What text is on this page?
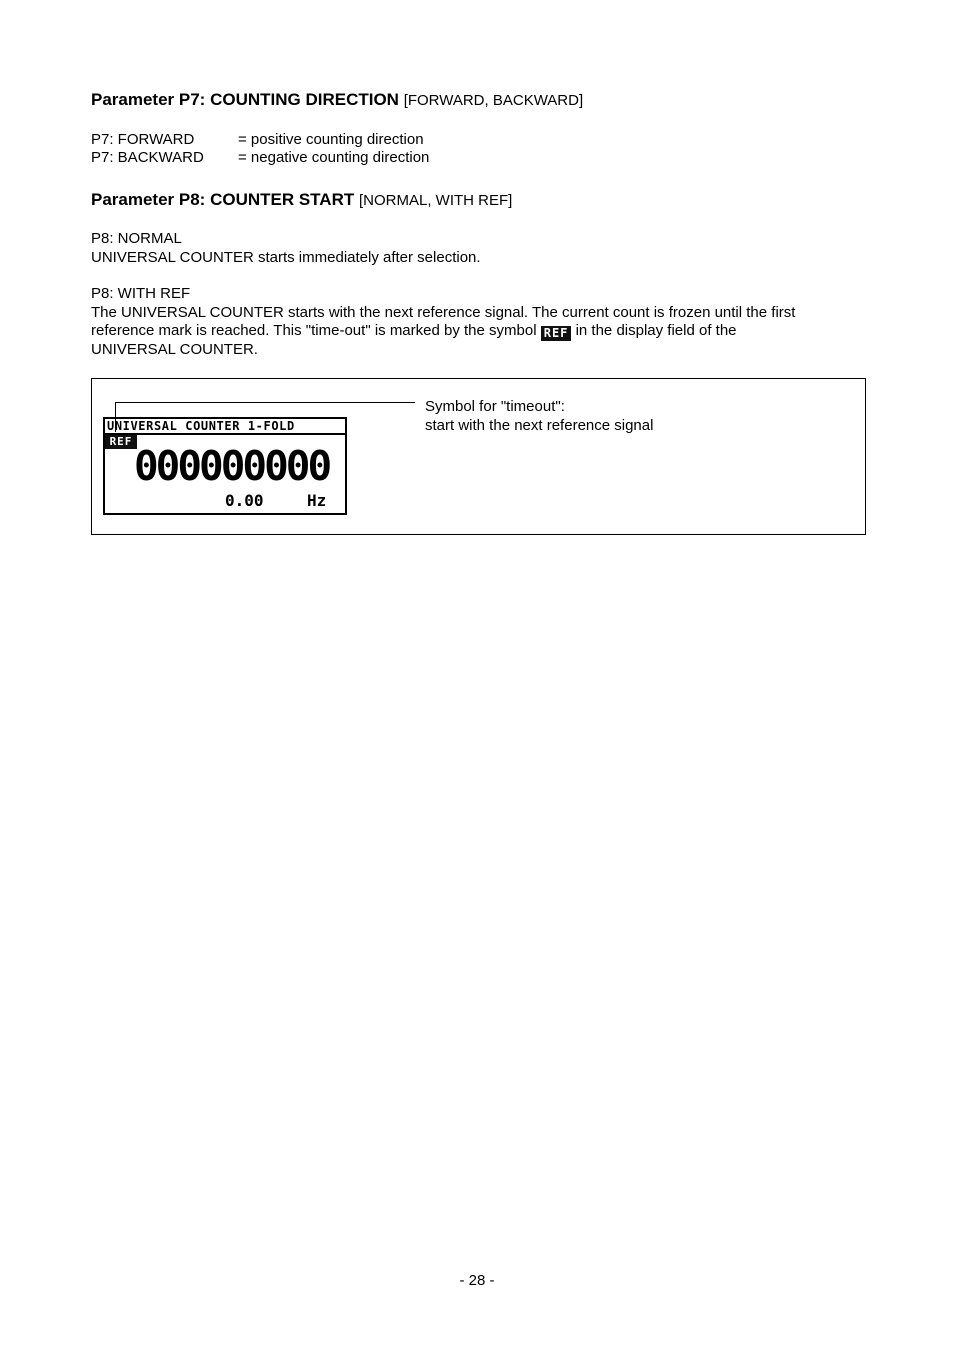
Parameter P7: COUNTING DIRECTION [FORWARD, BACKWARD]
P7: FORWARD	= positive counting direction
P7: BACKWARD = negative counting direction
Parameter P8: COUNTER START [NORMAL, WITH REF]
P8: NORMAL
UNIVERSAL COUNTER starts immediately after selection.
P8: WITH REF
The UNIVERSAL COUNTER starts with the next reference signal. The current count is frozen until the first
reference mark is reached. This "time-out" is marked by the symbol REF in the display field of the
UNIVERSAL COUNTER.
UNIVERSAL COUNTER 1-FOLD
REF
000000000
0.00	Hz
Symbol for "timeout":
start with the next reference signal
- 28 -
